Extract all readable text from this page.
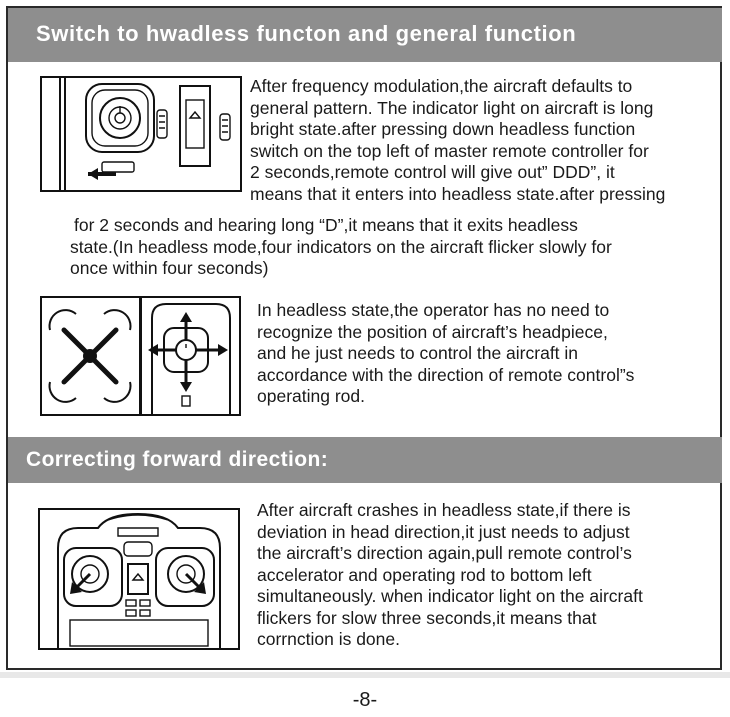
Switch to hwadless functon and general function
After frequency modulation,the aircraft defaults to
general pattern. The indicator light on aircraft is long
bright state.after pressing down headless function
switch on the top left of master remote controller for
2 seconds,remote control will give out” DDD”, it
means that it enters into headless state.after pressing
for 2 seconds and hearing long “D”,it means that it exits headless
state.(In headless mode,four indicators on the aircraft flicker slowly for
once within four seconds)
In headless state,the operator has no need to
recognize the position of aircraft’s headpiece,
and he just needs to control the aircraft in
accordance with the direction of remote control”s
operating rod.
Correcting forward direction:
After aircraft crashes in headless state,if there is
deviation in head direction,it just needs to adjust
the aircraft’s direction again,pull remote control’s
accelerator and operating rod to bottom left
simultaneously. when indicator light on the aircraft
flickers for slow three seconds,it means that
corrnction is done.
-8-
